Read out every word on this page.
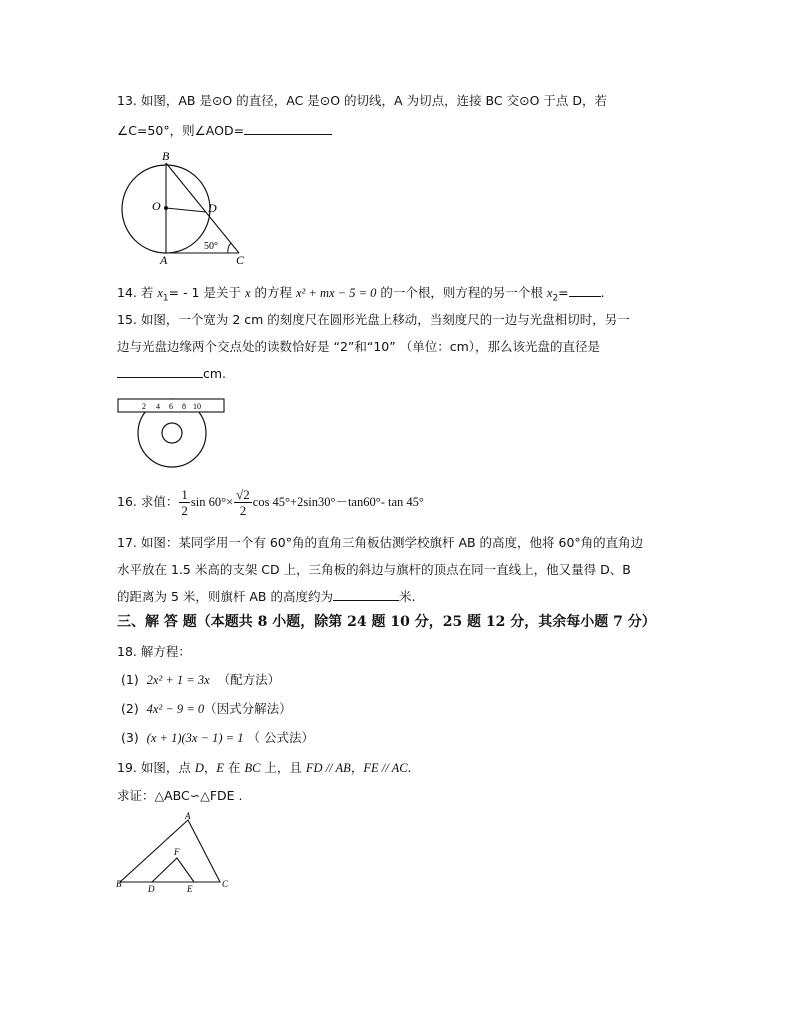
13. 如图，AB 是⊙O 的直径，AC 是⊙O 的切线，A 为切点，连接 BC 交⊙O 于点 D，若
∠C=50°，则∠AOD=
B
O	D
A	C
50°
14. 若 $x_1= - 1$ 是关于 x 的方程 x² + mx − 5 = 0 的一个根，则方程的另一个根 $x_2=$	.
15. 如图，一个宽为 2 cm 的刻度尺在圆形光盘上移动，当刻度尺的一边与光盘相切时，另一
边与光盘边缘两个交点处的读数恰好是 “2”和“10” （单位：cm），那么该光盘的直径是
cm.
2 4 6 8 10
16. 求值： $\frac{1}{2}$ $\sin 60^\circ\times \frac{√2}{2}$ cos 45°+2sin30°－tan60°- tan 45°
17. 如图：某同学用一个有 60°角的直角三角板估测学校旗杆 AB 的高度，他将 60°角的直角边
水平放在 1.5 米高的支架 CD 上，三角板的斜边与旗杆的顶点在同一直线上，他又量得 D、B
的距离为 5 米，则旗杆 AB 的高度约为	米.
三、解 答 题（本题共 8 小题，除第 24 题 10 分，25 题 12 分，其余每小题 7 分）
18. 解方程：
(1) 2x² + 1 = 3x （配方法）
(2) 4x² − 9 = 0（因式分解法）
(3) (x + 1)(3x − 1) = 1 （ 公式法）
19. 如图，点 D，E 在 BC 上，且 FD // AB，FE // AC.
求证：△ABC∽△FDE .
A
B	C
D	E
F
